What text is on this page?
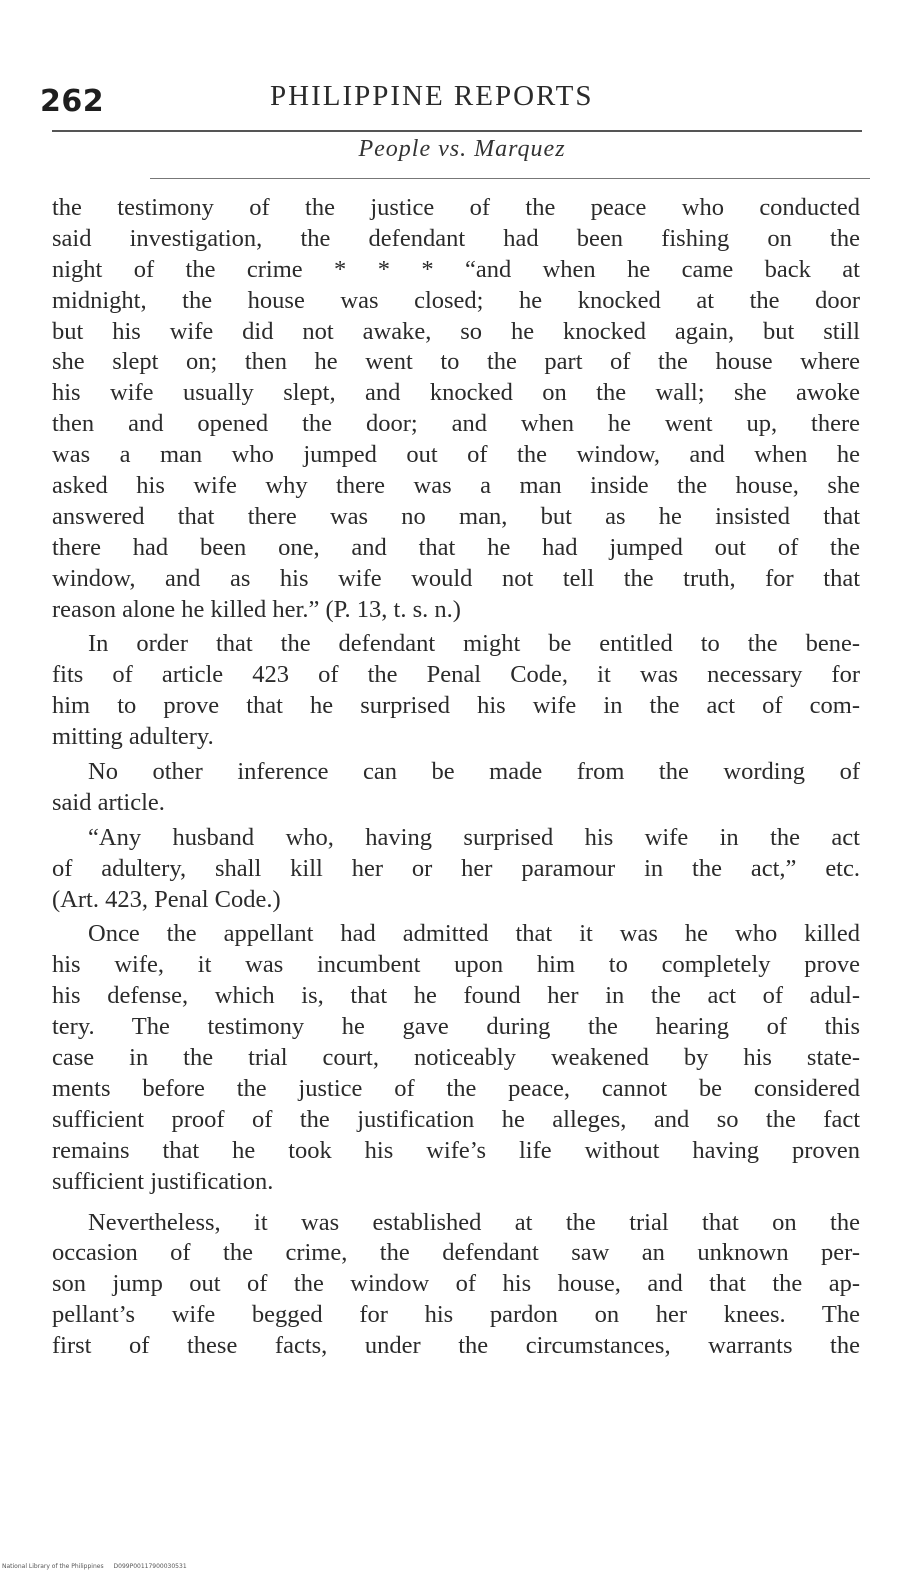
262	PHILIPPINE REPORTS
People vs. Marquez
the testimony of the justice of the peace who conducted
said investigation, the defendant had been fishing on the
night of the crime * * * “and when he came back at
midnight, the house was closed; he knocked at the door
but his wife did not awake, so he knocked again, but still
she slept on; then he went to the part of the house where
his wife usually slept, and knocked on the wall; she awoke
then and opened the door; and when he went up, there
was a man who jumped out of the window, and when he
asked his wife why there was a man inside the house, she
answered that there was no man, but as he insisted that
there had been one, and that he had jumped out of the
window, and as his wife would not tell the truth, for that
reason alone he killed her.” (P. 13, t. s. n.)
In order that the defendant might be entitled to the bene-
fits of article 423 of the Penal Code, it was necessary for
him to prove that he surprised his wife in the act of com-
mitting adultery.
No other inference can be made from the wording of
said article.
“Any husband who, having surprised his wife in the act
of adultery, shall kill her or her paramour in the act,” etc.
(Art. 423, Penal Code.)
Once the appellant had admitted that it was he who killed
his wife, it was incumbent upon him to completely prove
his defense, which is, that he found her in the act of adul-
tery. The testimony he gave during the hearing of this
case in the trial court, noticeably weakened by his state-
ments before the justice of the peace, cannot be considered
sufficient proof of the justification he alleges, and so the fact
remains that he took his wife’s life without having proven
sufficient justification.
Nevertheless, it was established at the trial that on the
occasion of the crime, the defendant saw an unknown per-
son jump out of the window of his house, and that the ap-
pellant’s wife begged for his pardon on her knees. The
first of these facts, under the circumstances, warrants the
National Library of the Philippines D099P00117900030531
